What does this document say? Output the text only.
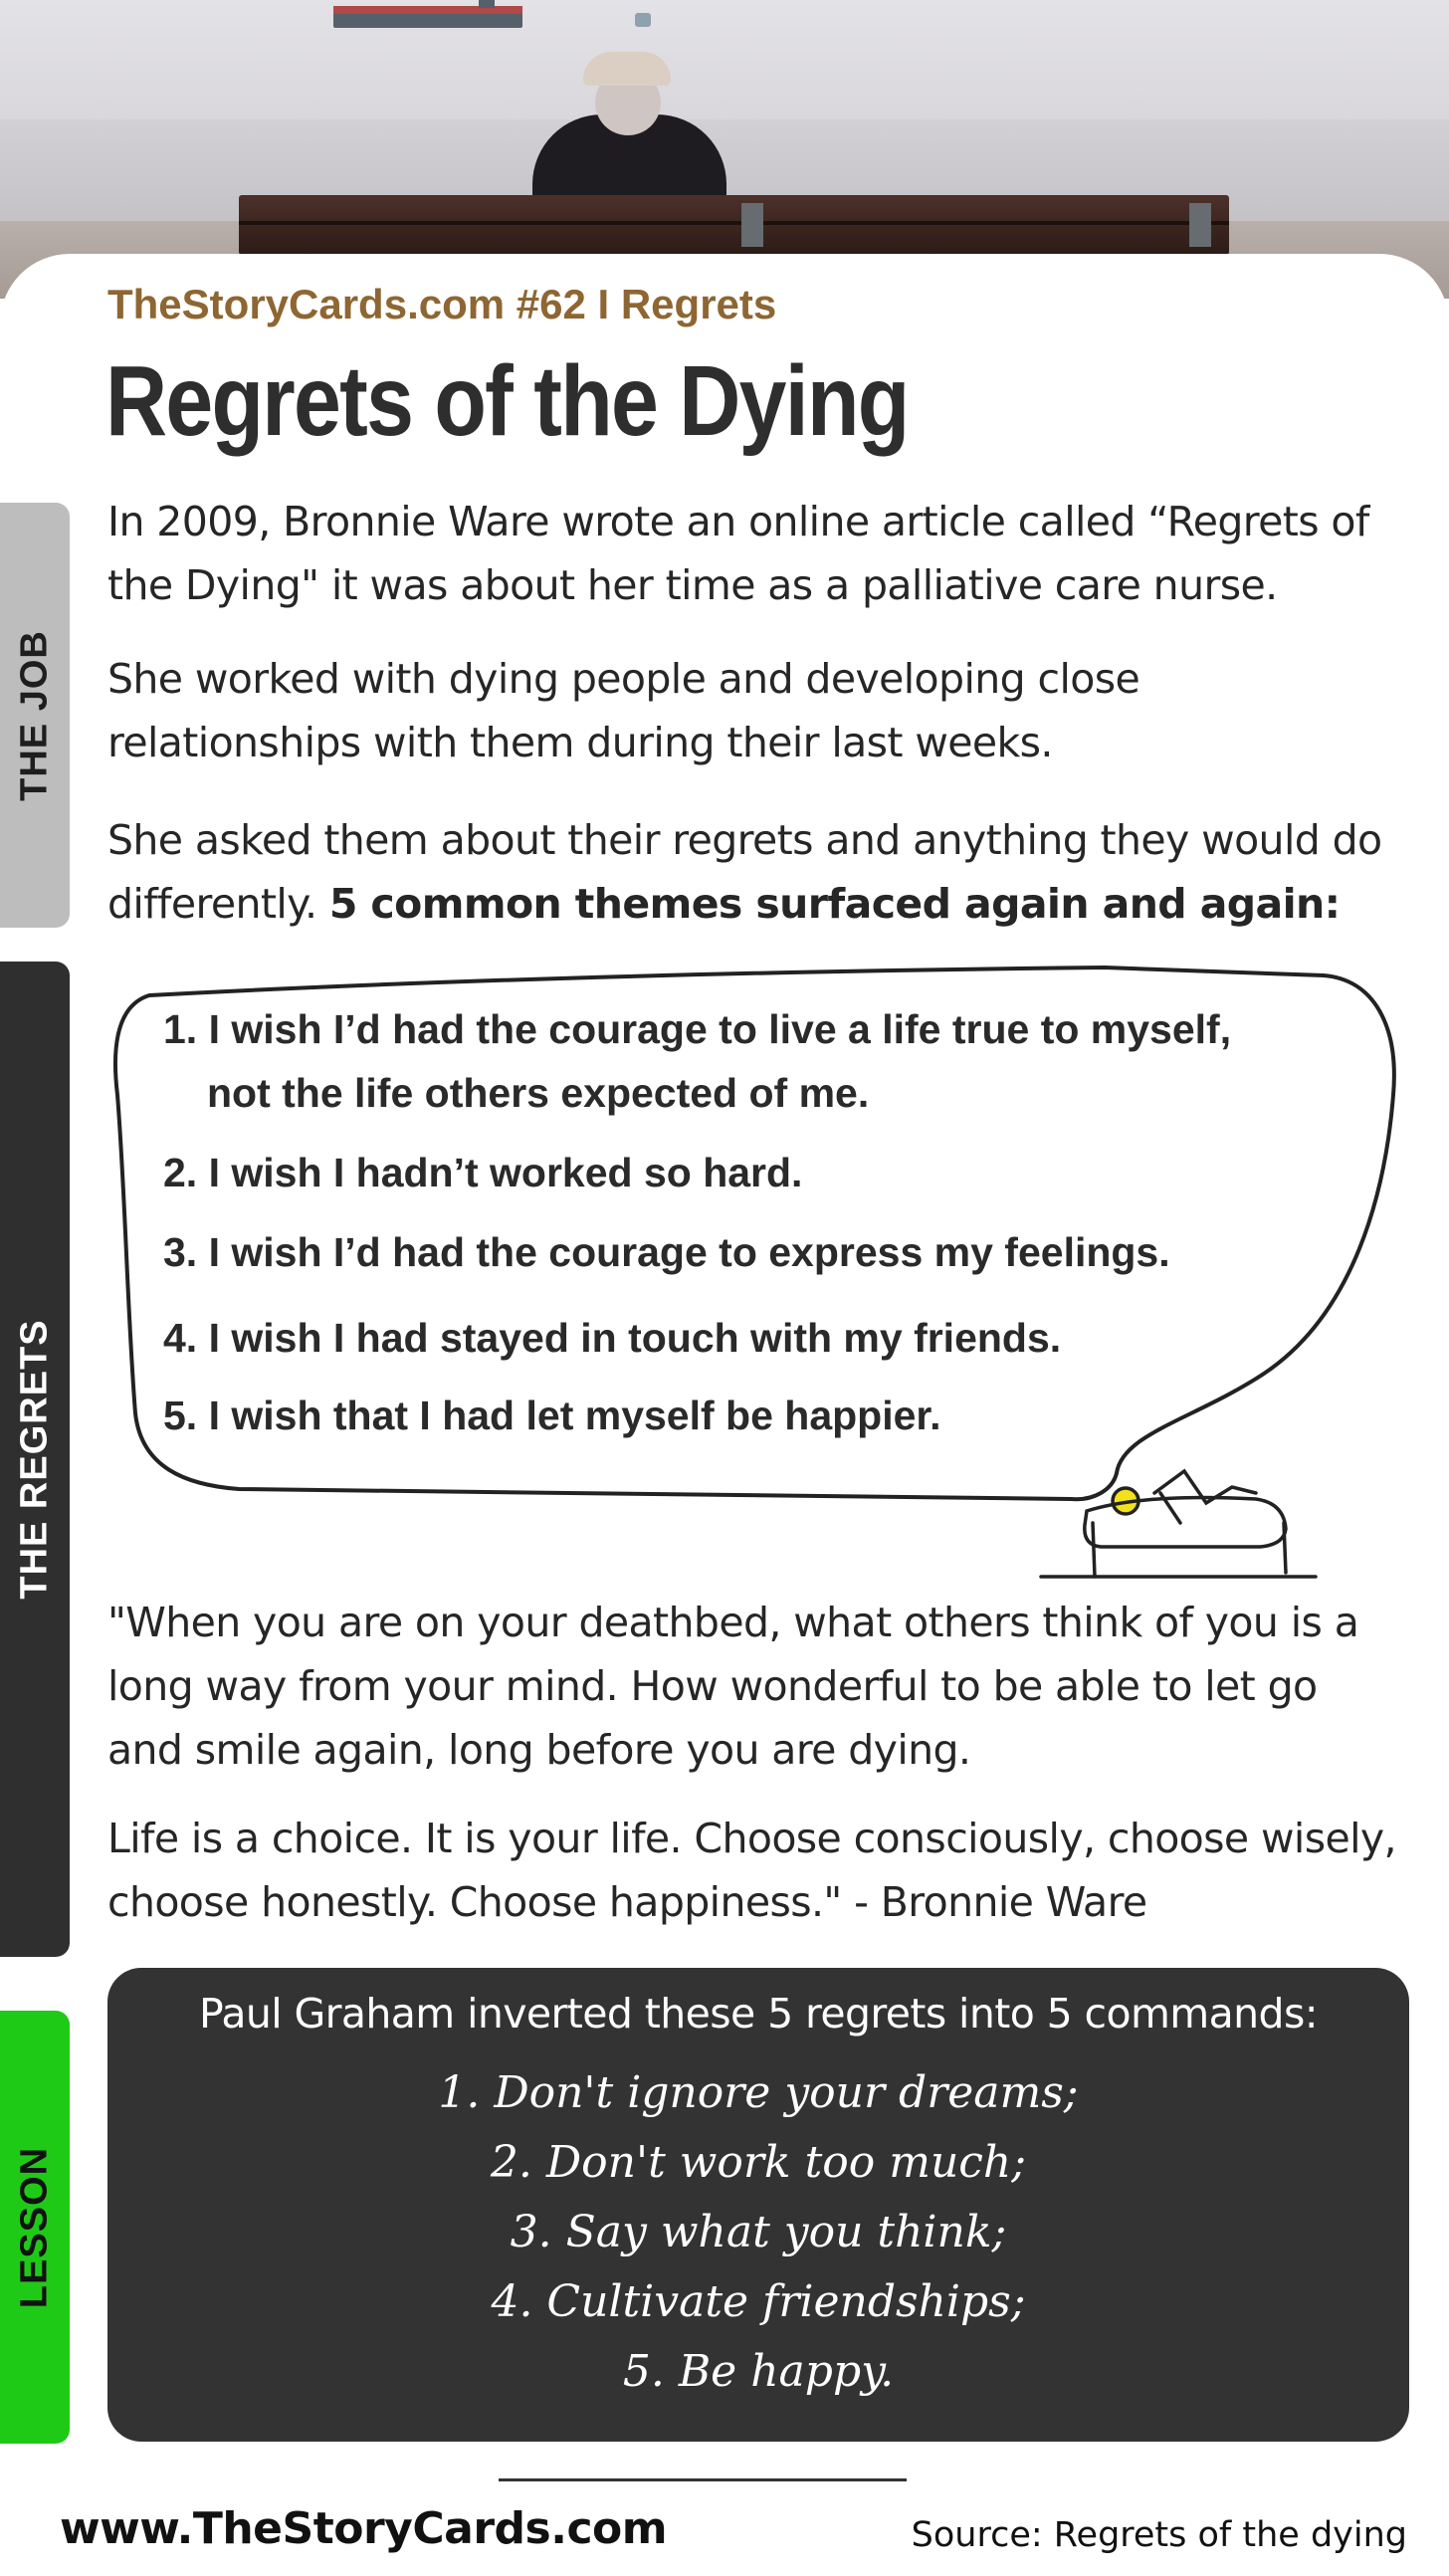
THE JOB
THE REGRETS
LESSON
TheStoryCards.com #62 I Regrets
Regrets of the Dying
In 2009, Bronnie Ware wrote an online article called “Regrets of the Dying" it was about her time as a palliative care nurse.
She worked with dying people and developing close relationships with them during their last weeks.
She asked them about their regrets and anything they would do differently. 5 common themes surfaced again and again:
1. I wish I’d had the courage to live a life true to myself,
not the life others expected of me.
2. I wish I hadn’t worked so hard.
3. I wish I’d had the courage to express my feelings.
4. I wish I had stayed in touch with my friends.
5. I wish that I had let myself be happier.
"When you are on your deathbed, what others think of you is a long way from your mind. How wonderful to be able to let go and smile again, long before you are dying.
Life is a choice. It is your life. Choose consciously, choose wisely, choose honestly. Choose happiness." - Bronnie Ware
Paul Graham inverted these 5 regrets into 5 commands:
1. Don't ignore your dreams;
2. Don't work too much;
3. Say what you think;
4. Cultivate friendships;
5. Be happy.
www.TheStoryCards.com	Source: Regrets of the dying
